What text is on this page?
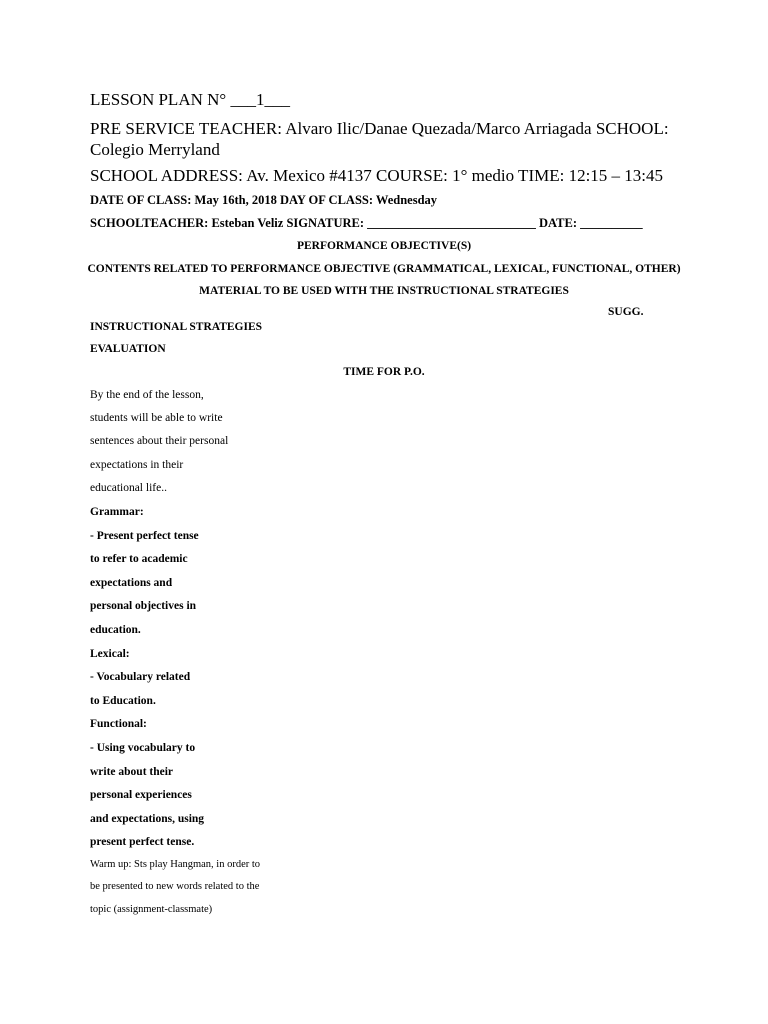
LESSON PLAN N° ___1___
PRE SERVICE TEACHER: Alvaro Ilic/Danae Quezada/Marco Arriagada SCHOOL:
Colegio Merryland
SCHOOL ADDRESS: Av. Mexico #4137 COURSE: 1° medio TIME: 12:15 – 13:45
DATE OF CLASS: May 16th, 2018 DAY OF CLASS: Wednesday
SCHOOLTEACHER: Esteban Veliz SIGNATURE: ___________________________ DATE: __________
PERFORMANCE OBJECTIVE(S)
CONTENTS RELATED TO PERFORMANCE OBJECTIVE (GRAMMATICAL, LEXICAL, FUNCTIONAL, OTHER)
MATERIAL TO BE USED WITH THE INSTRUCTIONAL STRATEGIES
SUGG.
INSTRUCTIONAL STRATEGIES
EVALUATION
TIME FOR P.O.
By the end of the lesson,
students will be able to write
sentences about their personal
expectations in their
educational life..
Grammar:
- Present perfect tense
to refer to academic
expectations and
personal objectives in
education.
Lexical:
- Vocabulary related
to Education.
Functional:
- Using vocabulary to
write about their
personal experiences
and expectations, using
present perfect tense.
Warm up: Sts play Hangman, in order to
be presented to new words related to the
topic (assignment-classmate)
